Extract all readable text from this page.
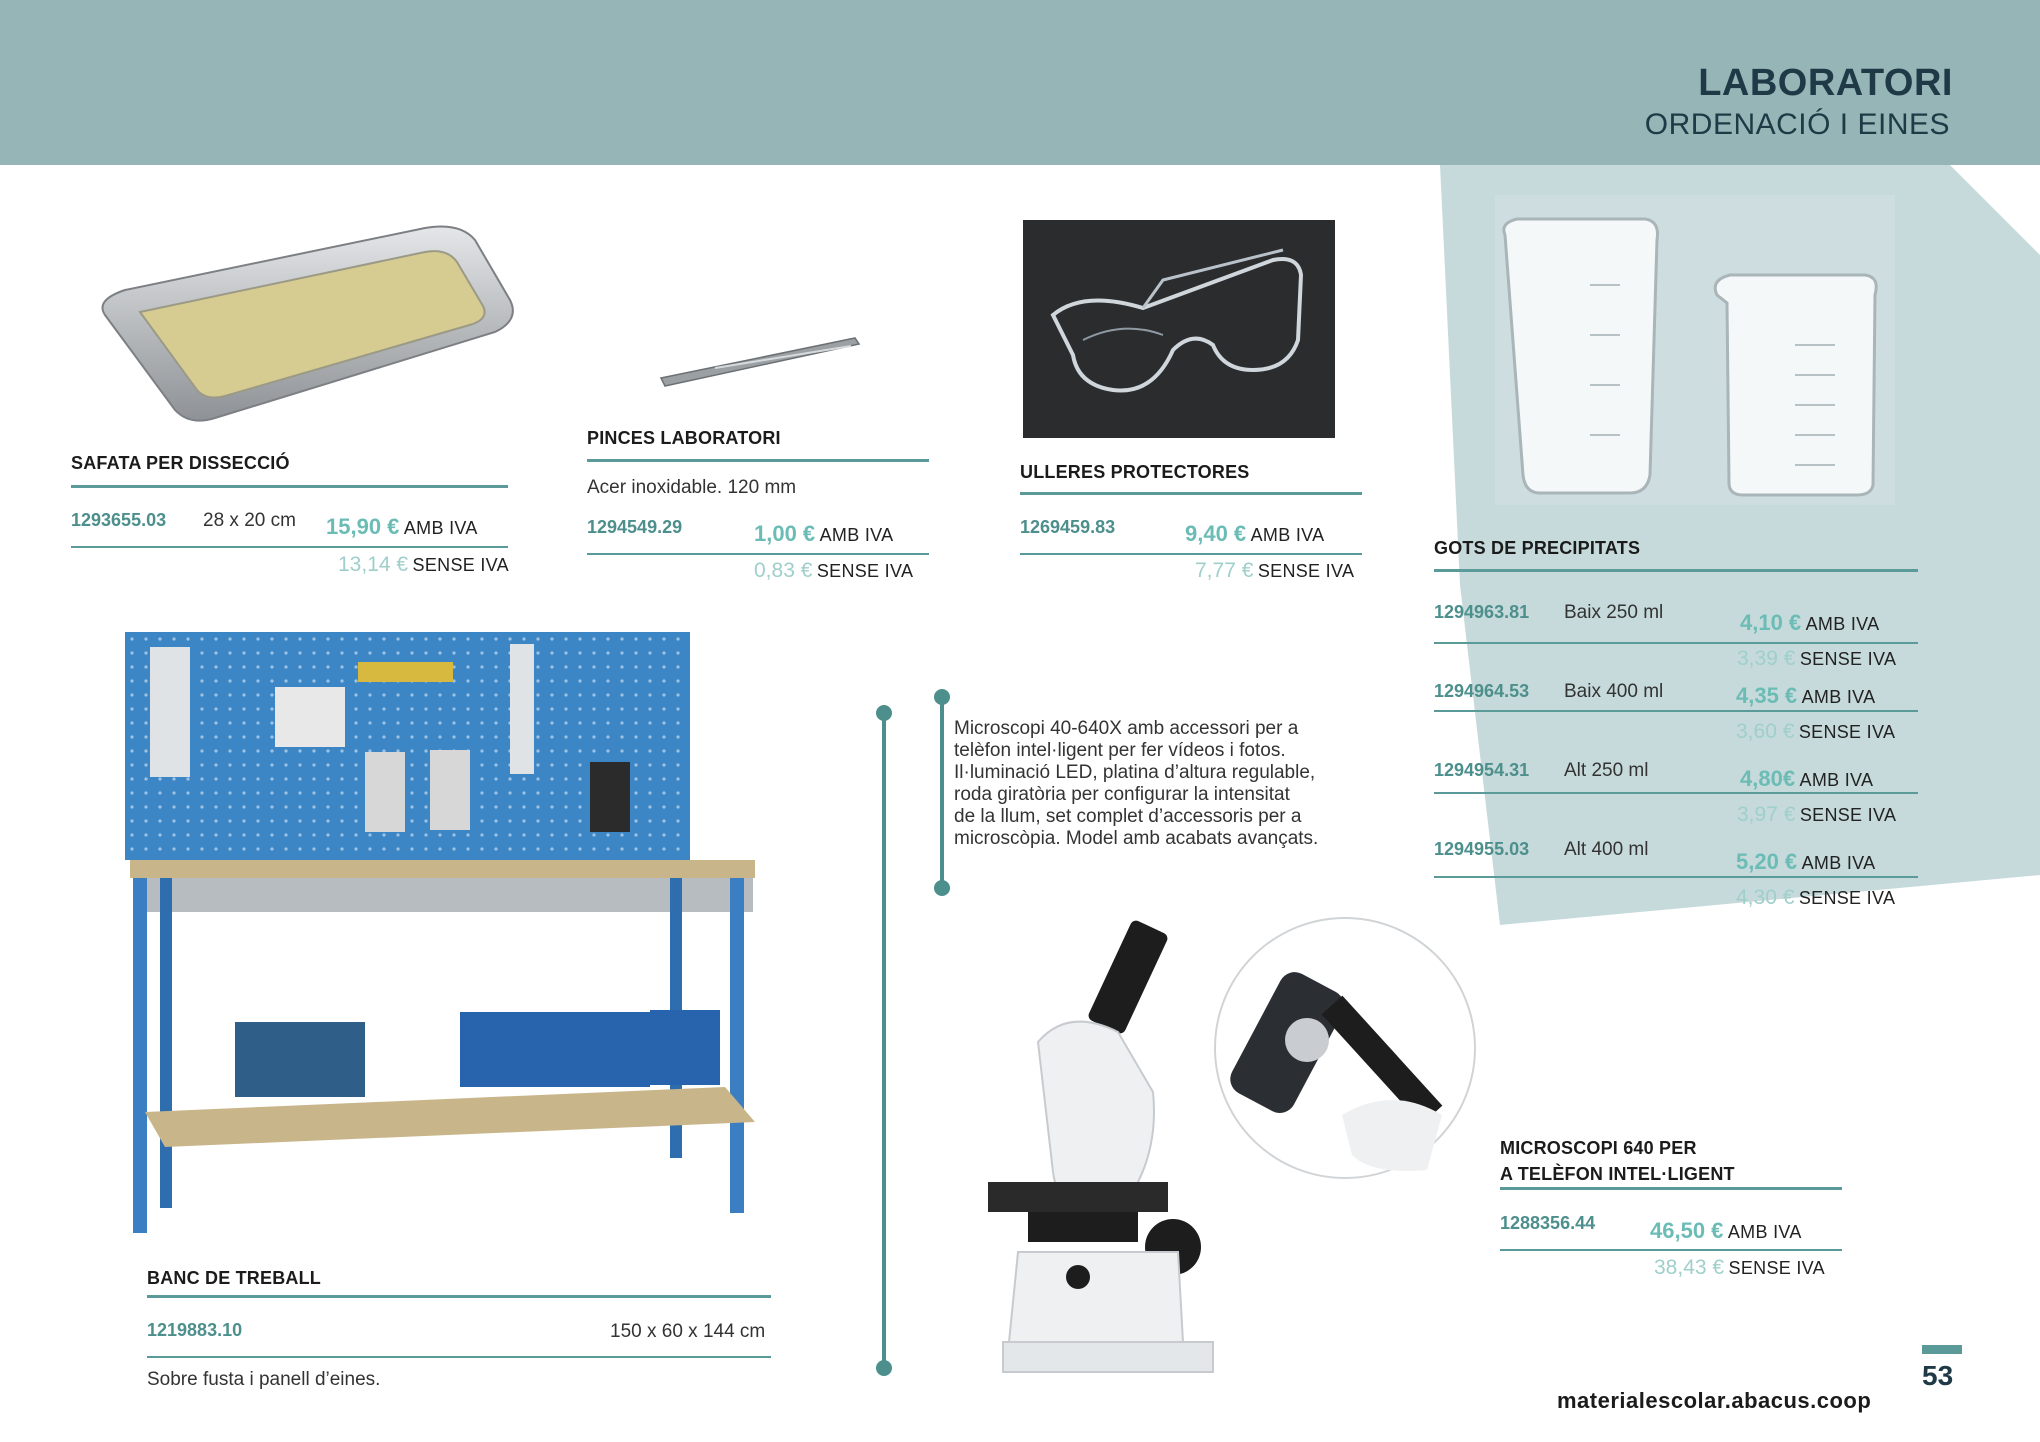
LABORATORI
ORDENACIÓ I EINES
SAFATA PER DISSECCIÓ
1293655.03 28 x 20 cm 15,90 € AMB IVA
13,14 € SENSE IVA
PINCES LABORATORI
Acer inoxidable. 120 mm
1294549.29	1,00 € AMB IVA
0,83 € SENSE IVA
ULLERES PROTECTORES
1269459.83	9,40 € AMB IVA
7,77 € SENSE IVA
GOTS DE PRECIPITATS
1294963.81 Baix 250 ml	4,10 € AMB IVA
3,39 € SENSE IVA
1294964.53 Baix 400 ml	4,35 € AMB IVA
3,60 € SENSE IVA
1294954.31 Alt 250 ml	4,80€ AMB IVA
3,97 € SENSE IVA
1294955.03 Alt 400 ml	5,20 € AMB IVA
4,30 € SENSE IVA
BANC DE TREBALL
1219883.10	150 x 60 x 144 cm
Sobre fusta i panell d’eines.
Microscopi 40-640X amb accessori per a
telèfon intel·ligent per fer vídeos i fotos.
Il·luminació LED, platina d’altura regulable,
roda giratòria per configurar la intensitat
de la llum, set complet d’accessoris per a
microscòpia. Model amb acabats avançats.
MICROSCOPI 640 PER
A TELÈFON INTEL·LIGENT
1288356.44 46,50 € AMB IVA
38,43 € SENSE IVA
53
materialescolar.abacus.coop
